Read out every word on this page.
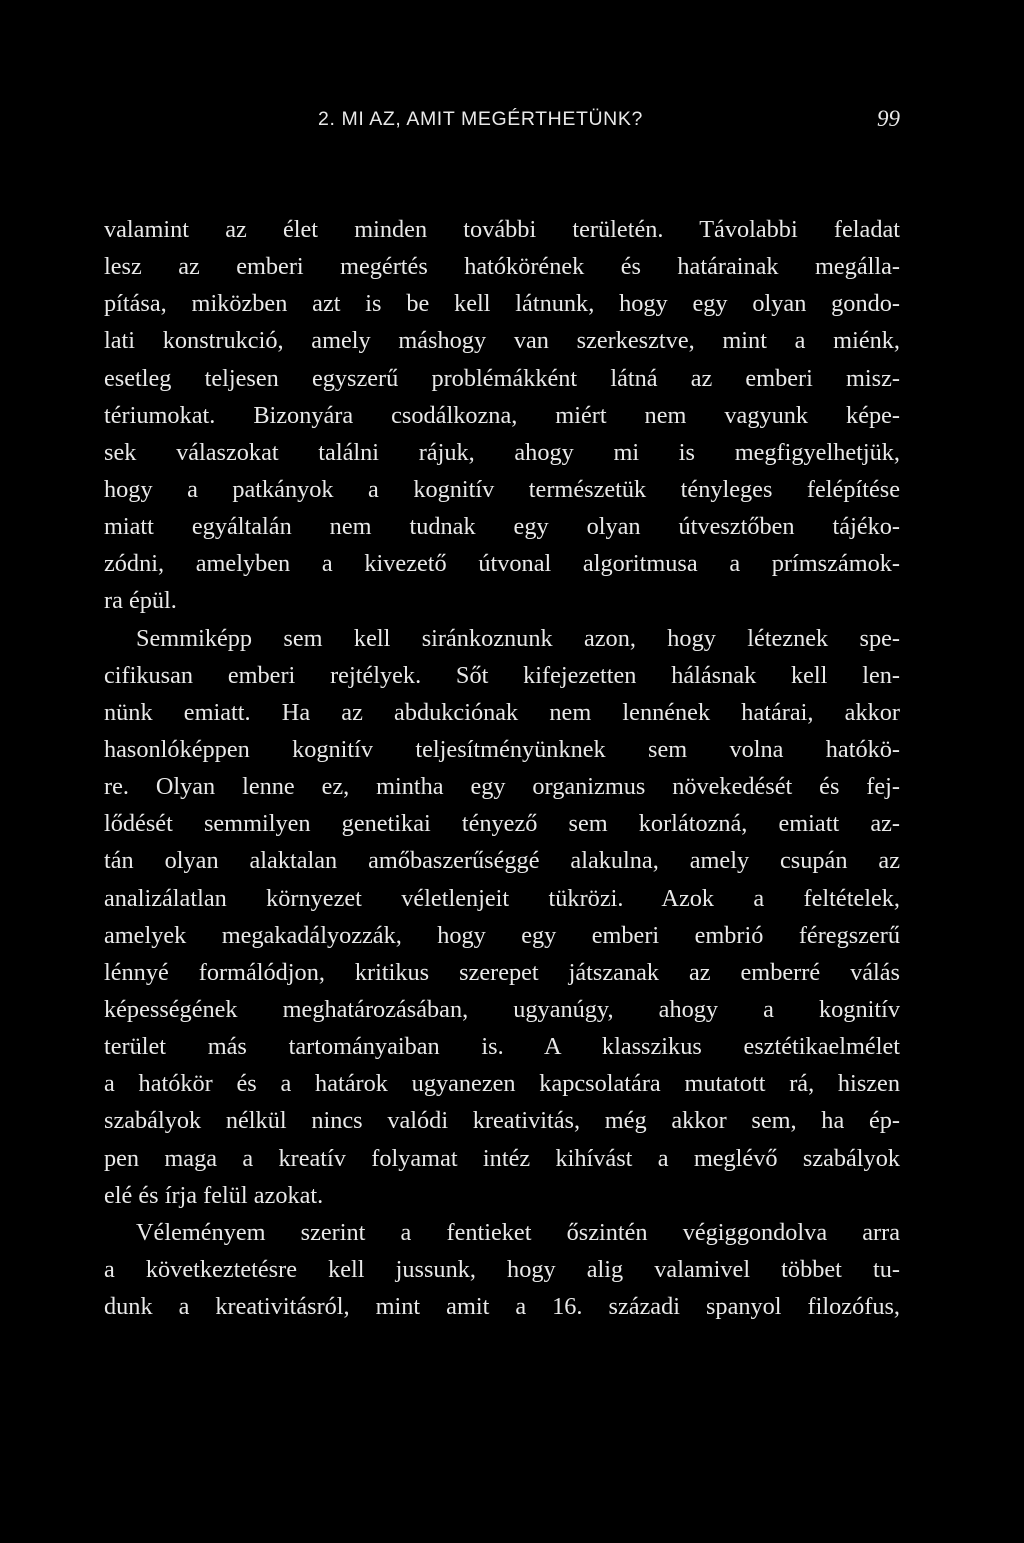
2. MI AZ, AMIT MEGÉRTHETÜNK?	99
valamint az élet minden további területén. Távolabbi feladat
lesz az emberi megértés hatókörének és határainak megálla-
pítása, miközben azt is be kell látnunk, hogy egy olyan gondo-
lati konstrukció, amely máshogy van szerkesztve, mint a miénk,
esetleg teljesen egyszerű problémákként látná az emberi misz-
tériumokat. Bizonyára csodálkozna, miért nem vagyunk képe-
sek válaszokat találni rájuk, ahogy mi is megfigyelhetjük,
hogy a patkányok a kognitív természetük tényleges felépítése
miatt egyáltalán nem tudnak egy olyan útvesztőben tájéko-
zódni, amelyben a kivezető útvonal algoritmusa a prímszámok-
ra épül.
Semmiképp sem kell siránkoznunk azon, hogy léteznek spe-
cifikusan emberi rejtélyek. Sőt kifejezetten hálásnak kell len-
nünk emiatt. Ha az abdukciónak nem lennének határai, akkor
hasonlóképpen kognitív teljesítményünknek sem volna hatókö-
re. Olyan lenne ez, mintha egy organizmus növekedését és fej-
lődését semmilyen genetikai tényező sem korlátozná, emiatt az-
tán olyan alaktalan amőbaszerűséggé alakulna, amely csupán az
analizálatlan környezet véletlenjeit tükrözi. Azok a feltételek,
amelyek megakadályozzák, hogy egy emberi embrió féregszerű
lénnyé formálódjon, kritikus szerepet játszanak az emberré válás
képességének meghatározásában, ugyanúgy, ahogy a kognitív
terület más tartományaiban is. A klasszikus esztétikaelmélet
a hatókör és a határok ugyanezen kapcsolatára mutatott rá, hiszen
szabályok nélkül nincs valódi kreativitás, még akkor sem, ha ép-
pen maga a kreatív folyamat intéz kihívást a meglévő szabályok
elé és írja felül azokat.
Véleményem szerint a fentieket őszintén végiggondolva arra
a következtetésre kell jussunk, hogy alig valamivel többet tu-
dunk a kreativitásról, mint amit a 16. századi spanyol filozófus,
